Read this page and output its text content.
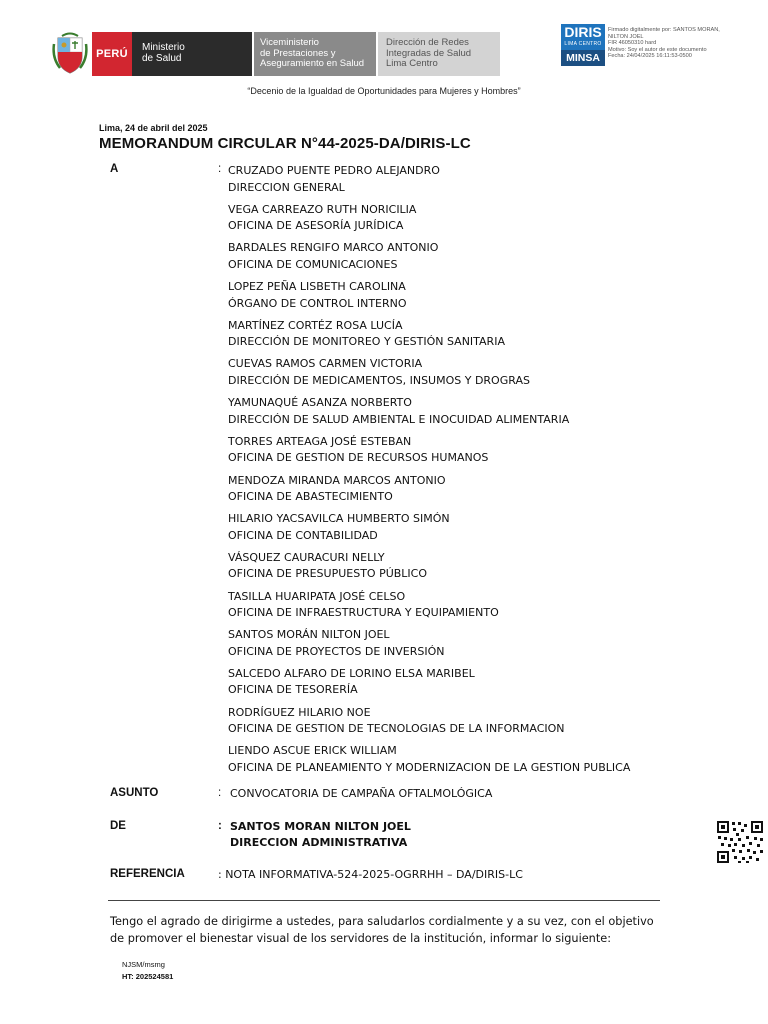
PERÚ
Ministerio
de Salud
Viceministerio
de Prestaciones y
Aseguramiento en Salud
Dirección de Redes
Integradas de Salud
Lima Centro
DIRIS
LIMA CENTRO
MINSA
Firmado digitalmente por: SANTOS MORAN,
NILTON JOEL
FIR 46050310 hard
Motivo: Soy el autor de este documento
Fecha: 24/04/2025 16:11:53-0500
“Decenio de la Igualdad de Oportunidades para Mujeres y Hombres”
Lima, 24 de abril del 2025
MEMORANDUM CIRCULAR N°44-2025-DA/DIRIS-LC
A	: CRUZADO PUENTE PEDRO ALEJANDRO
DIRECCION GENERAL
VEGA CARREAZO RUTH NORICILIA
OFICINA DE ASESORÍA JURÍDICA
BARDALES RENGIFO MARCO ANTONIO
OFICINA DE COMUNICACIONES
LOPEZ PEÑA LISBETH CAROLINA
ÓRGANO DE CONTROL INTERNO
MARTÍNEZ CORTÉZ ROSA LUCÍA
DIRECCIÓN DE MONITOREO Y GESTIÓN SANITARIA
CUEVAS RAMOS CARMEN VICTORIA
DIRECCIÓN DE MEDICAMENTOS, INSUMOS Y DROGRAS
YAMUNAQUÉ ASANZA NORBERTO
DIRECCIÓN DE SALUD AMBIENTAL E INOCUIDAD ALIMENTARIA
TORRES ARTEAGA JOSÉ ESTEBAN
OFICINA DE GESTION DE RECURSOS HUMANOS
MENDOZA MIRANDA MARCOS ANTONIO
OFICINA DE ABASTECIMIENTO
HILARIO YACSAVILCA HUMBERTO SIMÓN
OFICINA DE CONTABILIDAD
VÁSQUEZ CAURACURI NELLY
OFICINA DE PRESUPUESTO PÚBLICO
TASILLA HUARIPATA JOSÉ CELSO
OFICINA DE INFRAESTRUCTURA Y EQUIPAMIENTO
SANTOS MORÁN NILTON JOEL
OFICINA DE PROYECTOS DE INVERSIÓN
SALCEDO ALFARO DE LORINO ELSA MARIBEL
OFICINA DE TESORERÍA
RODRÍGUEZ HILARIO NOE
OFICINA DE GESTION DE TECNOLOGIAS DE LA INFORMACION
LIENDO ASCUE ERICK WILLIAM
OFICINA DE PLANEAMIENTO Y MODERNIZACION DE LA GESTION PUBLICA
ASUNTO	: CONVOCATORIA DE CAMPAÑA OFTALMOLÓGICA
DE	: SANTOS MORAN NILTON JOEL
DIRECCION ADMINISTRATIVA
REFERENCIA	: NOTA INFORMATIVA-524-2025-OGRRHH – DA/DIRIS-LC
Tengo el agrado de dirigirme a ustedes, para saludarlos cordialmente y a su vez, con el objetivo de promover el bienestar visual de los servidores de la institución, informar lo siguiente:
NJSM/msmg
HT: 202524581
